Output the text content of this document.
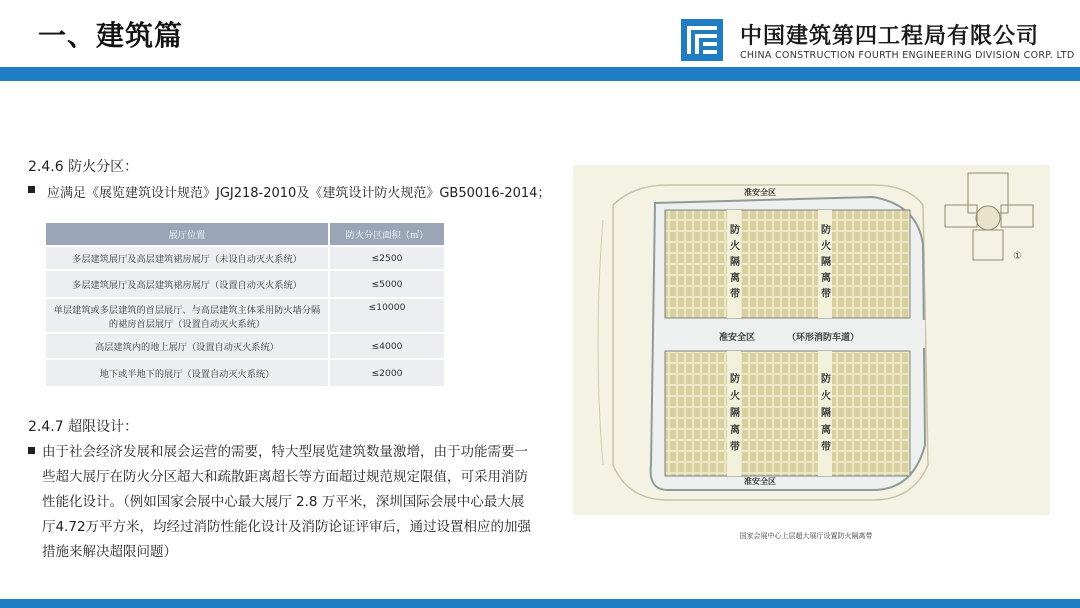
一、建筑篇	中国建筑第四工程局有限公司
CHINA CONSTRUCTION FOURTH ENGINEERING DIVISION CORP. LTD
2.4.6 防火分区：
应满足《展览建筑设计规范》JGJ218-2010及《建筑设计防火规范》GB50016-2014；
展厅位置	防火分区面积（㎡）
多层建筑展厅及高层建筑裙房展厅（未设自动灭火系统）	≤2500
多层建筑展厅及高层建筑裙房展厅（设置自动灭火系统）	≤5000
单层建筑或多层建筑的首层展厅、与高层建筑主体采用防火墙分隔的裙房首层展厅（设置自动灭火系统）	≤10000
高层建筑内的地上展厅（设置自动灭火系统）	≤4000
地下或半地下的展厅（设置自动灭火系统）	≤2000
2.4.7 超限设计：
由于社会经济发展和展会运营的需要，特大型展览建筑数量激增，由于功能需要一些超大展厅在防火分区超大和疏散距离超长等方面超过规范规定限值，可采用消防性能化设计。（例如国家会展中心最大展厅 2.8 万平米，深圳国际会展中心最大展厅4.72万平方米，均经过消防性能化设计及消防论证评审后，通过设置相应的加强措施来解决超限问题）
准安全区
准安全区	（环形消防车道）
准安全区
①
防火隔离带
防火隔离带
防火隔离带
防火隔离带
国家会展中心上层超大展厅设置防火隔离带
